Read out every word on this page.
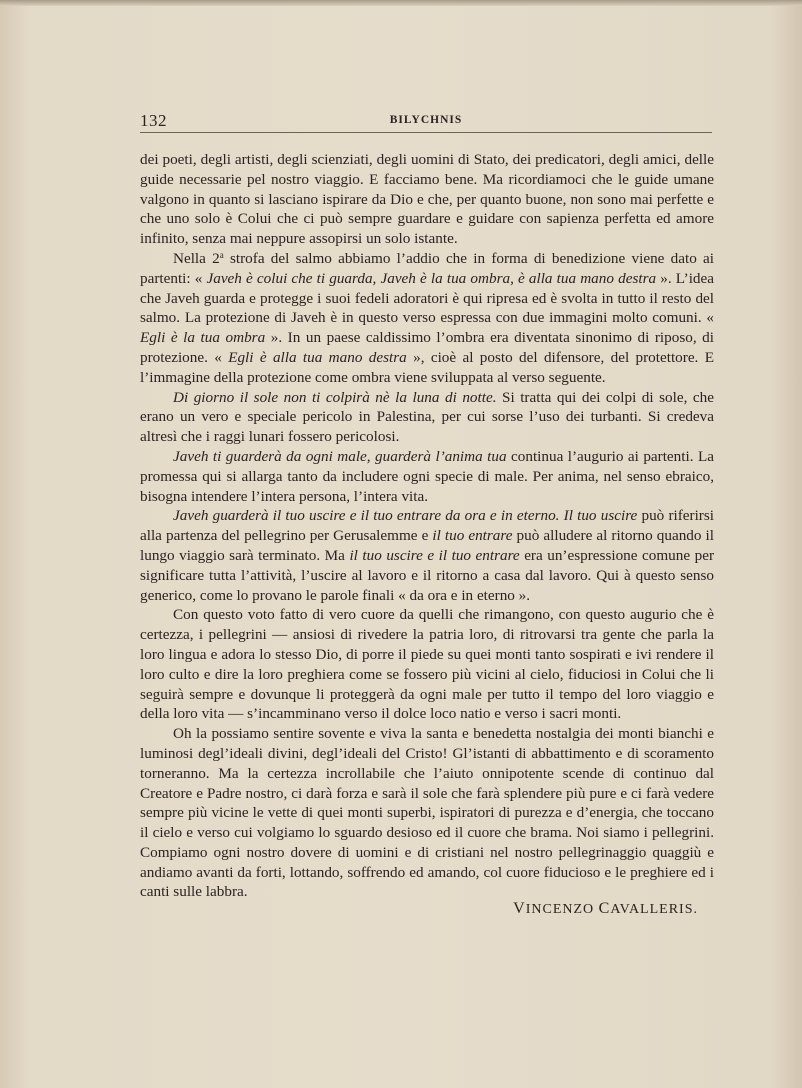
132	BILYCHNIS

dei poeti, degli artisti, degli scienziati, degli uomini di Stato, dei predicatori, degli amici, delle guide necessarie pel nostro viaggio. E facciamo bene. Ma ricordiamoci che le guide umane valgono in quanto si lasciano ispirare da Dio e che, per quanto buone, non sono mai perfette e che uno solo è Colui che ci può sempre guardare e guidare con sapienza perfetta ed amore infinito, senza mai neppure assopirsi un solo istante.

Nella 2$^a$ strofa del salmo abbiamo l’addio che in forma di benedizione viene dato ai partenti: « Javeh è colui che ti guarda, Javeh è la tua ombra, è alla tua mano destra ». L’idea che Javeh guarda e protegge i suoi fedeli adoratori è qui ripresa ed è svolta in tutto il resto del salmo. La protezione di Javeh è in questo verso espressa con due immagini molto comuni. « Egli è la tua ombra ». In un paese caldissimo l’ombra era diventata sinonimo di riposo, di protezione. « Egli è alla tua mano destra », cioè al posto del difensore, del protettore. E l’immagine della protezione come ombra viene sviluppata al verso seguente.

Di giorno il sole non ti colpirà nè la luna di notte. Si tratta qui dei colpi di sole, che erano un vero e speciale pericolo in Palestina, per cui sorse l’uso dei turbanti. Si credeva altresì che i raggi lunari fossero pericolosi.

Javeh ti guarderà da ogni male, guarderà l’anima tua continua l’augurio ai partenti. La promessa qui si allarga tanto da includere ogni specie di male. Per anima, nel senso ebraico, bisogna intendere l’intera persona, l’intera vita.

Javeh guarderà il tuo uscire e il tuo entrare da ora e in eterno. Il tuo uscire può riferirsi alla partenza del pellegrino per Gerusalemme e il tuo entrare può alludere al ritorno quando il lungo viaggio sarà terminato. Ma il tuo uscire e il tuo entrare era un’espressione comune per significare tutta l’attività, l’uscire al lavoro e il ritorno a casa dal lavoro. Qui à questo senso generico, come lo provano le parole finali « da ora e in eterno ».

Con questo voto fatto di vero cuore da quelli che rimangono, con questo augurio che è certezza, i pellegrini — ansiosi di rivedere la patria loro, di ritrovarsi tra gente che parla la loro lingua e adora lo stesso Dio, di porre il piede su quei monti tanto sospirati e ivi rendere il loro culto e dire la loro preghiera come se fossero più vicini al cielo, fiduciosi in Colui che li seguirà sempre e dovunque li proteggerà da ogni male per tutto il tempo del loro viaggio e della loro vita — s’incamminano verso il dolce loco natio e verso i sacri monti.

Oh la possiamo sentire sovente e viva la santa e benedetta nostalgia dei monti bianchi e luminosi degl’ideali divini, degl’ideali del Cristo! Gl’istanti di abbattimento e di scoramento torneranno. Ma la certezza incrollabile che l’aiuto onnipotente scende di continuo dal Creatore e Padre nostro, ci darà forza e sarà il sole che farà splendere più pure e ci farà vedere sempre più vicine le vette di quei monti superbi, ispiratori di purezza e d’energia, che toccano il cielo e verso cui volgiamo lo sguardo desioso ed il cuore che brama. Noi siamo i pellegrini. Compiamo ogni nostro dovere di uomini e di cristiani nel nostro pellegrinaggio quaggiù e andiamo avanti da forti, lottando, soffrendo ed amando, col cuore fiducioso e le preghiere ed i canti sulle labbra.

VINCENZO CAVALLERIS.
